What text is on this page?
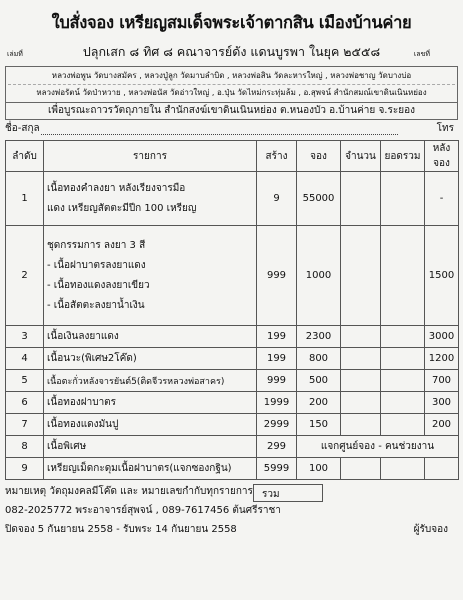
ใบสั่งจอง เหรียญสมเด็จพระเจ้าตากสิน เมืองบ้านค่าย
เล่มที่	ปลุกเสก ๘ ทิศ ๘ คณาจารย์ดัง แดนบูรพา ในยุค ๒๕๕๘	เลขที่
หลวงพ่อพูน วัดบางสมัคร , หลวงปู่ลูก วัดมาบลำบิด , หลวงพ่อสิน วัดละหารใหญ่ , หลวงพ่อชาญ วัดบางบ่อ
หลวงพ่อรัตน์ วัดป่าหวาย , หลวงพ่อนัส วัดอ่าวใหญ่ , อ.ปุ่น วัดไหม่กระทุ่มล้ม , อ.สุพจน์ สำนักสมณ์เขาดินเนินหย่อง
เพื่อบูรณะถาวรวัตถุภายใน สำนักสงฆ์เขาดินเนินหย่อง ต.หนองบัว อ.บ้านค่าย จ.ระยอง
ชื่อ-สกุล	โทร
ลำดับ	รายการ	สร้าง	จอง	จำนวน	ยอดรวม	หลังจอง
1	เนื้อทองคำลงยา หลังเรียงจารมือ
แดง เหรียญสัตตะมีปีก 100 เหรียญ	9	55000			-
2	ชุดกรรมการ ลงยา 3 สี
- เนื้อฝาบาตรลงยาแดง
- เนื้อทองแดงลงยาเขียว
- เนื้อสัตตะลงยาน้ำเงิน	999	1000			1500
3	เนื้อเงินลงยาแดง	199	2300			3000
4	เนื้อนวะ(พิเศษ2โค๊ด)	199	800			1200
5	เนื้อตะกั่วหลังจารยันต์5(ติดจีวรหลวงพ่อสาคร)	999	500			700
6	เนื้อทองฝาบาตร	1999	200			300
7	เนื้อทองแดงมันปู	2999	150			200
8	เนื้อพิเศษ	299	แจกศูนย์จอง - คนช่วยงาน			
9	เหรียญเม็ดกะดุมเนื้อฝาบาตร(แจกซองกฐิน)	5999	100			
หมายเหตุ วัตถุมงคลมีโค๊ด และ หมายเลขกำกับทุกรายการ รวม
082-2025772 พระอาจารย์สุพจน์ , 089-7617456 ต้นศรีราชา
ปิดจอง 5 กันยายน 2558 - รับพระ 14 กันยายน 2558	ผู้รับจอง
